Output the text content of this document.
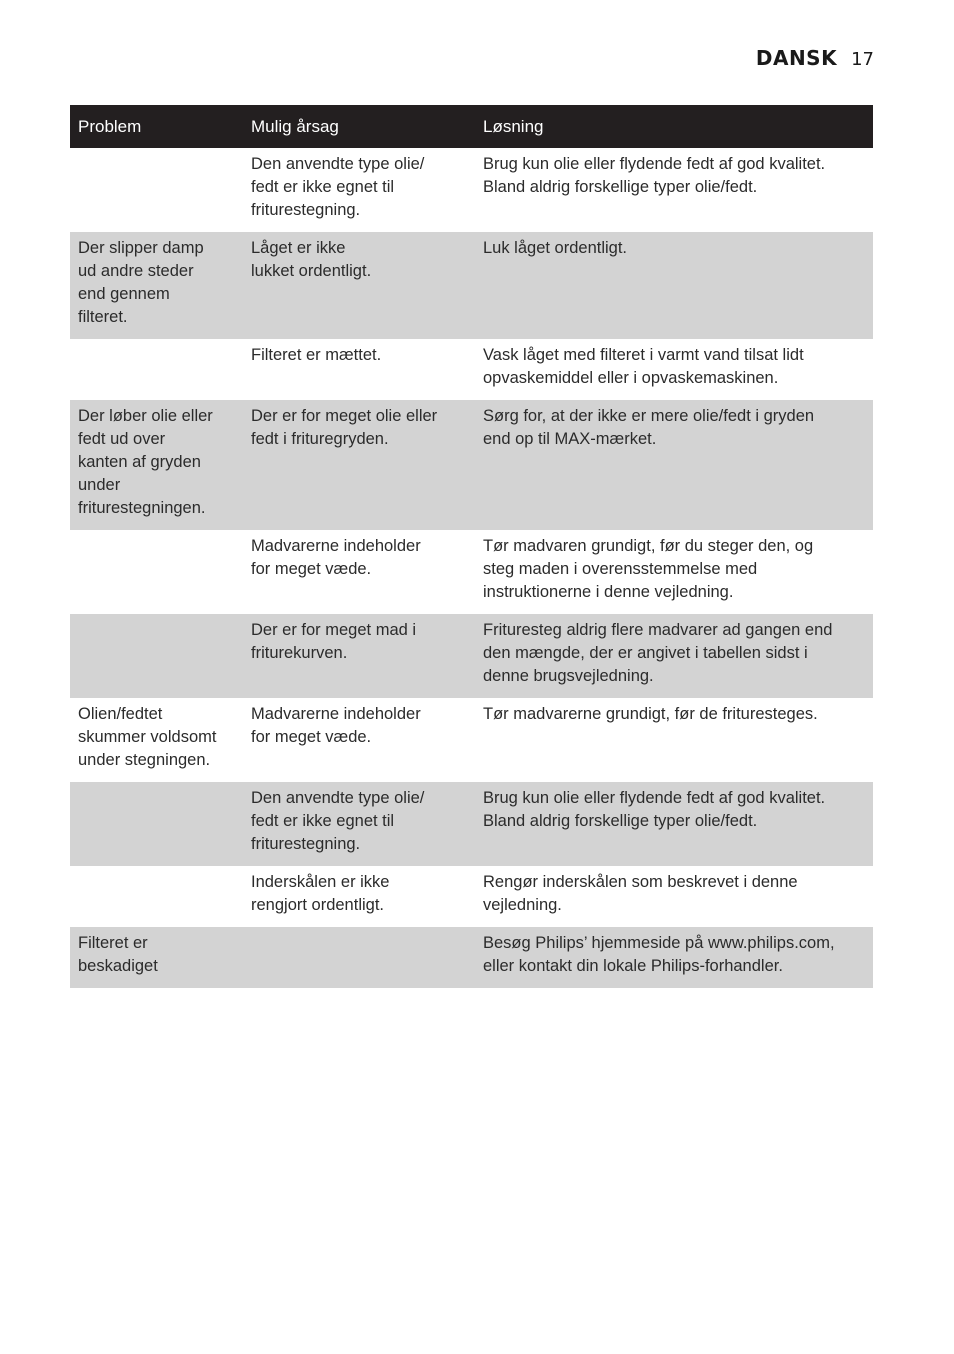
DANSK 17
Problem	Mulig årsag	Løsning
	Den anvendte type olie/
fedt er ikke egnet til
friturestegning.	Brug kun olie eller flydende fedt af god kvalitet.
Bland aldrig forskellige typer olie/fedt.
Der slipper damp
ud andre steder
end gennem
filteret.	Låget er ikke
lukket ordentligt.	Luk låget ordentligt.
	Filteret er mættet.	Vask låget med filteret i varmt vand tilsat lidt
opvaskemiddel eller i opvaskemaskinen.
Der løber olie eller
fedt ud over
kanten af gryden
under
friturestegningen.	Der er for meget olie eller
fedt i frituregryden.	Sørg for, at der ikke er mere olie/fedt i gryden
end op til MAX-mærket.
	Madvarerne indeholder
for meget væde.	Tør madvaren grundigt, før du steger den, og
steg maden i overensstemmelse med
instruktionerne i denne vejledning.
	Der er for meget mad i
friturekurven.	Frituresteg aldrig flere madvarer ad gangen end
den mængde, der er angivet i tabellen sidst i
denne brugsvejledning.
Olien/fedtet
skummer voldsomt
under stegningen.	Madvarerne indeholder
for meget væde.	Tør madvarerne grundigt, før de frituresteges.
	Den anvendte type olie/
fedt er ikke egnet til
friturestegning.	Brug kun olie eller flydende fedt af god kvalitet.
Bland aldrig forskellige typer olie/fedt.
	Inderskålen er ikke
rengjort ordentligt.	Rengør inderskålen som beskrevet i denne
vejledning.
Filteret er
beskadiget		Besøg Philips’ hjemmeside på www.philips.com,
eller kontakt din lokale Philips-forhandler.
